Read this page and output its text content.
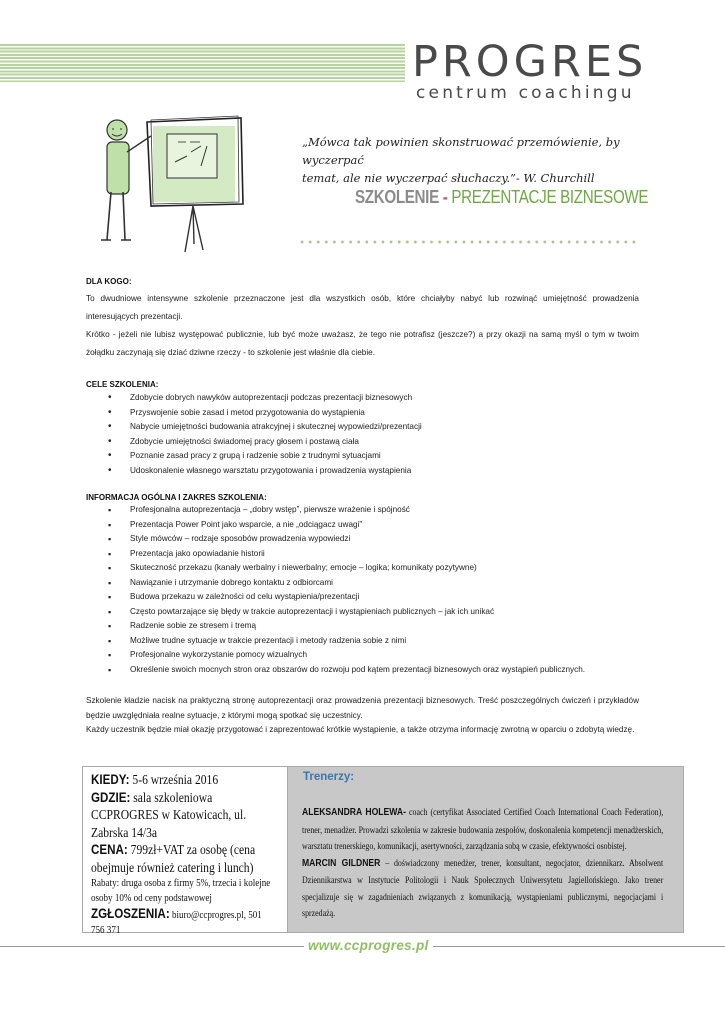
PROGRES
centrum coachingu
„Mówca tak powinien skonstruować przemówienie, by wyczerpać
temat, ale nie wyczerpać słuchaczy.”- W. Churchill
SZKOLENIE - PREZENTACJE BIZNESOWE
DLA KOGO:
To dwudniowe intensywne szkolenie przeznaczone jest dla wszystkich osób, które chciałyby nabyć lub rozwinąć umiejętność prowadzenia interesujących prezentacji.
Krótko - jeżeli nie lubisz występować publicznie, lub być może uważasz, że tego nie potrafisz (jeszcze?) a przy okazji na samą myśl o tym w twoim żołądku zaczynają się dziać dziwne rzeczy - to szkolenie jest właśnie dla ciebie.
CELE SZKOLENIA:
• Zdobycie dobrych nawyków autoprezentacji podczas prezentacji biznesowych
• Przyswojenie sobie zasad i metod przygotowania do wystąpienia
• Nabycie umiejętności budowania atrakcyjnej i skutecznej wypowiedzi/prezentacji
• Zdobycie umiejętności świadomej pracy głosem i postawą ciała
• Poznanie zasad pracy z grupą i radzenie sobie z trudnymi sytuacjami
• Udoskonalenie własnego warsztatu przygotowania i prowadzenia wystąpienia
INFORMACJA OGÓLNA I ZAKRES SZKOLENIA:
▪ Profesjonalna autoprezentacja – „dobry wstęp”, pierwsze wrażenie i spójność
▪ Prezentacja Power Point jako wsparcie, a nie „odciągacz uwagi”
▪ Style mówców – rodzaje sposobów prowadzenia wypowiedzi
▪ Prezentacja jako opowiadanie historii
▪ Skuteczność przekazu (kanały werbalny i niewerbalny; emocje – logika; komunikaty pozytywne)
▪ Nawiązanie i utrzymanie dobrego kontaktu z odbiorcami
▪ Budowa przekazu w zależności od celu wystąpienia/prezentacji
▪ Często powtarzające się błędy w trakcie autoprezentacji i wystąpieniach publicznych – jak ich unikać
▪ Radzenie sobie ze stresem i tremą
▪ Możliwe trudne sytuacje w trakcie prezentacji i metody radzenia sobie z nimi
▪ Profesjonalne wykorzystanie pomocy wizualnych
▪ Określenie swoich mocnych stron oraz obszarów do rozwoju pod kątem prezentacji biznesowych oraz wystąpień publicznych.
Szkolenie kładzie nacisk na praktyczną stronę autoprezentacji oraz prowadzenia prezentacji biznesowych. Treść poszczególnych ćwiczeń i przykładów będzie uwzględniała realne sytuacje, z którymi mogą spotkać się uczestnicy.
Każdy uczestnik będzie miał okazję przygotować i zaprezentować krótkie wystąpienie, a także otrzyma informację zwrotną w oparciu o zdobytą wiedzę.
KIEDY: 5-6 września 2016
GDZIE: sala szkoleniowa CCPROGRES w Katowicach, ul. Zabrska 14/3a
CENA: 799zł+VAT za osobę (cena obejmuje również catering i lunch)
Rabaty: druga osoba z firmy 5%, trzecia i kolejne osoby 10% od ceny podstawowej
ZGŁOSZENIA: biuro@ccprogres.pl, 501 756 371
Trenerzy:
ALEKSANDRA HOLEWA- coach (certyfikat Associated Certified Coach International Coach Federation), trener, menadżer. Prowadzi szkolenia w zakresie budowania zespołów, doskonalenia kompetencji menadżerskich, warsztatu trenerskiego, komunikacji, asertywności, zarządzania sobą w czasie, efektywności osobistej.
MARCIN GILDNER – doświadczony menedżer, trener, konsultant, negocjator, dziennikarz. Absolwent Dziennikarstwa w Instytucie Politologii i Nauk Społecznych Uniwersytetu Jagiellońskiego. Jako trener specjalizuje się w zagadnieniach związanych z komunikacją, wystąpieniami publicznymi, negocjacjami i sprzedażą.
www.ccprogres.pl
